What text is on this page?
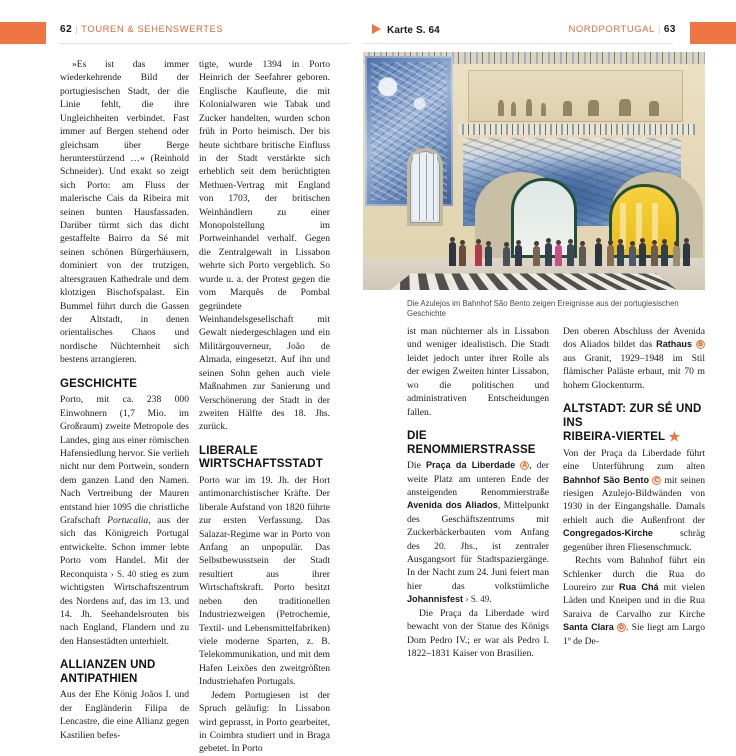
62 | TOUREN & SEHENSWERTES	NORDPORTUGAL | 63
Karte S. 64
Die Azulejos im Bahnhof São Bento zeigen Ereignisse aus der portugiesischen Geschichte

»Es ist das immer wiederkehrende Bild der portugiesischen Stadt, der die Linie fehlt, die ihre Ungleichheiten verbindet. Fast immer auf Bergen stehend oder gleichsam über Berge herunterstürzend …« (Reinhold Schneider). Und exakt so zeigt sich Porto: am Fluss der malerische Cais da Ribeira mit seinen bunten Hausfassaden. Darüber türmt sich das dicht gestaffelte Bairro da Sé mit seinen schönen Bürgerhäusern, dominiert von der trutzigen, altersgrauen Kathedrale und dem klotzigen Bischofspalast. Ein Bummel führt durch die Gassen der Altstadt, in denen orientalisches Chaos und nordische Nüchternheit sich bestens arrangieren.

GESCHICHTE

Porto, mit ca. 238 000 Einwohnern (1,7 Mio. im Großraum) zweite Metropole des Landes, ging aus einer römischen Hafensiedlung hervor. Sie verlieh nicht nur dem Portwein, sondern dem ganzen Land den Namen. Nach Vertreibung der Mauren entstand hier 1095 die christliche Grafschaft Portucalia, aus der sich das Königreich Portugal entwickelte. Schon immer lebte Porto vom Handel. Mit der Reconquista › S. 40 stieg es zum wichtigsten Wirtschaftszentrum des Nordens auf, das im 13. und 14. Jh. Seehandelsrouten bis nach England, Flandern und zu den Hansestädten unterhielt.

ALLIANZEN UND ANTIPATHIEN

Aus der Ehe König Joãos I. und der Engländerin Filipa de Lencastre, die eine Allianz gegen Kastilien befes-

tigte, wurde 1394 in Porto Heinrich der Seefahrer geboren. Englische Kaufleute, die mit Kolonialwaren wie Tabak und Zucker handelten, wurden schon früh in Porto heimisch. Der bis heute sichtbare britische Einfluss in der Stadt verstärkte sich erheblich seit dem berüchtigten Methuen-Vertrag mit England von 1703, der britischen Weinhändlern zu einer Monopolstellung im Portweinhandel verhalf. Gegen die Zentralgewalt in Lissabon wehrte sich Porto vergeblich. So wurde u. a. der Protest gegen die vom Marquês de Pombal gegründete Weinhandelsgesellschaft mit Gewalt niedergeschlagen und ein Militärgouverneur, João de Almada, eingesetzt. Auf ihn und seinen Sohn gehen auch viele Maßnahmen zur Sanierung und Verschönerung der Stadt in der zweiten Hälfte des 18. Jhs. zurück.

LIBERALE WIRTSCHAFTSSTADT

Porto war im 19. Jh. der Hort antimonarchistischer Kräfte. Der liberale Aufstand von 1820 führte zur ersten Verfassung. Das Salazar-Regime war in Porto von Anfang an unpopulär. Das Selbstbewusstsein der Stadt resultiert aus ihrer Wirtschaftskraft. Porto besitzt neben den traditionellen Industriezweigen (Petrochemie, Textil- und Lebensmittelfabriken) viele moderne Sparten, z. B. Telekommunikation, und mit dem Hafen Leixões den zweitgrößten Industriehafen Portugals.

Jedem Portugiesen ist der Spruch geläufig: In Lissabon wird geprasst, in Porto gearbeitet, in Coimbra studiert und in Braga gebetet. In Porto

ist man nüchterner als in Lissabon und weniger idealistisch. Die Stadt leidet jedoch unter ihrer Rolle als der ewigen Zweiten hinter Lissabon, wo die politischen und administrativen Entscheidungen fallen.

DIE RENOMMIERSTRASSE

Die Praça da Liberdade A , der weite Platz am unteren Ende der ansteigenden Renommierstraße Avenida dos Aliados, Mittelpunkt des Geschäftszentrums mit Zuckerbäckerbauten vom Anfang des 20. Jhs., ist zentraler Ausgangsort für Stadtspaziergänge. In der Nacht zum 24. Juni feiert man hier das volkstümliche Johannisfest › S. 49.

Die Praça da Liberdade wird bewacht von der Statue des Königs Dom Pedro IV.; er war als Pedro I. 1822–1831 Kaiser von Brasilien.

Den oberen Abschluss der Avenida dos Aliados bildet das Rathaus B aus Granit, 1929–1948 im Stil flämischer Paläste erbaut, mit 70 m hohem Glockenturm.

ALTSTADT: ZUR SÉ UND INS
RIBEIRA-VIERTEL ★

Von der Praça da Liberdade führt eine Unterführung zum alten Bahnhof São Bento C mit seinen riesigen Azulejo-Bildwänden von 1930 in der Eingangshalle. Damals erhielt auch die Außenfront der Congregados-Kirche schräg gegenüber ihren Fliesenschmuck.

Rechts vom Bahnhof führt ein Schlenker durch die Rua do Loureiro zur Rua Chá mit vielen Läden und Kneipen und in die Rua Saraiva de Carvalho zur Kirche Santa Clara D . Sie liegt am Largo 1º de De-
